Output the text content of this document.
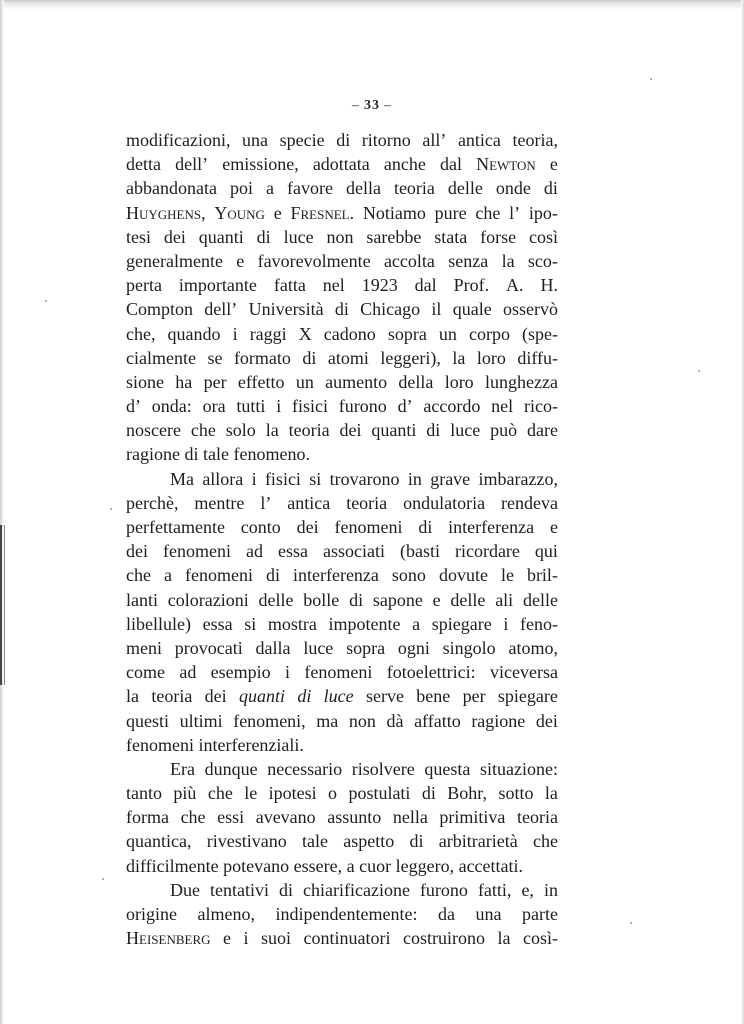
– 33 –
modificazioni, una specie di ritorno all’ antica teoria,
detta dell’ emissione, adottata anche dal Newton e
abbandonata poi a favore della teoria delle onde di
Huyghens, Young e Fresnel. Notiamo pure che l’ ipo-
tesi dei quanti di luce non sarebbe stata forse così
generalmente e favorevolmente accolta senza la sco-
perta importante fatta nel 1923 dal Prof. A. H.
Compton dell’ Università di Chicago il quale osservò
che, quando i raggi X cadono sopra un corpo (spe-
cialmente se formato di atomi leggeri), la loro diffu-
sione ha per effetto un aumento della loro lunghezza
d’ onda: ora tutti i fisici furono d’ accordo nel rico-
noscere che solo la teoria dei quanti di luce può dare
ragione
di
tale
fenomeno.
Ma allora i fisici si trovarono in grave imbarazzo,
perchè, mentre l’ antica teoria ondulatoria rendeva
perfettamente conto dei fenomeni di interferenza e
dei fenomeni ad essa associati (basti ricordare qui
che a fenomeni di interferenza sono dovute le bril-
lanti colorazioni delle bolle di sapone e delle ali delle
libellule) essa si mostra impotente a spiegare i feno-
meni provocati dalla luce sopra ogni singolo atomo,
come ad esempio i fenomeni fotoelettrici: viceversa
la teoria dei quanti di luce serve bene per spiegare
questi ultimi fenomeni, ma non dà affatto ragione dei
fenomeni
interferenziali.
Era dunque necessario risolvere questa situazione:
tanto più che le ipotesi o postulati di Bohr, sotto la
forma che essi avevano assunto nella primitiva teoria
quantica, rivestivano tale aspetto di arbitrarietà che
difficilmente
potevano
essere,
a
cuor
leggero,
accettati.
Due tentativi di chiarificazione furono fatti, e, in
origine almeno, indipendentemente: da una parte
Heisenberg e i suoi continuatori costruirono la così-
